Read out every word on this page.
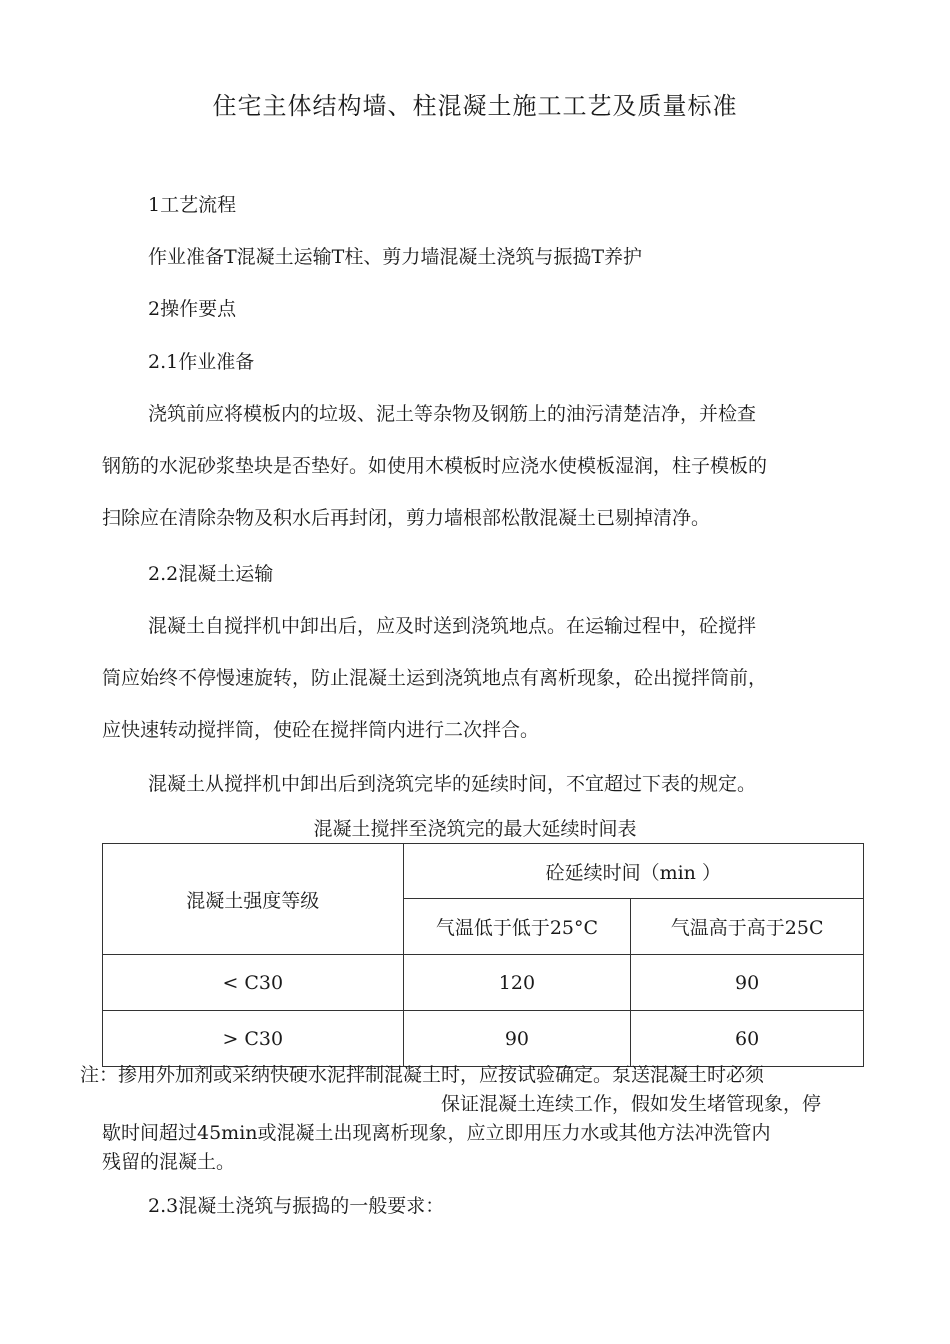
住宅主体结构墙、柱混凝土施工工艺及质量标准
1工艺流程
作业准备T混凝土运输T柱、剪力墙混凝土浇筑与振捣T养护
2操作要点
2.1作业准备

浇筑前应将模板内的垃圾、泥土等杂物及钢筋上的油污清楚洁净，并检查

钢筋的水泥砂浆垫块是否垫好。如使用木模板时应浇水使模板湿润，柱子模板的

扫除应在清除杂物及积水后再封闭，剪力墙根部松散混凝土已剔掉清净。

2.2混凝土运输

混凝土自搅拌机中卸出后，应及时送到浇筑地点。在运输过程中，砼搅拌

筒应始终不停慢速旋转，防止混凝土运到浇筑地点有离析现象，砼出搅拌筒前，

应快速转动搅拌筒，使砼在搅拌筒内进行二次拌合。

混凝土从搅拌机中卸出后到浇筑完毕的延续时间，不宜超过下表的规定。
混凝土搅拌至浇筑完的最大延续时间表
混凝土强度等级	砼延续时间（min ）	
	气温低于低于25°C	气温高于高于25C
< C30	120	90
> C30	90	60
注：掺用外加剂或采纳快硬水泥拌制混凝土时，应按试验确定。泵送混凝土时必须
保证混凝土连续工作，假如发生堵管现象，停
歇时间超过45min或混凝土出现离析现象，应立即用压力水或其他方法冲洗管内
残留的混凝土。
2.3混凝土浇筑与振捣的一般要求：
